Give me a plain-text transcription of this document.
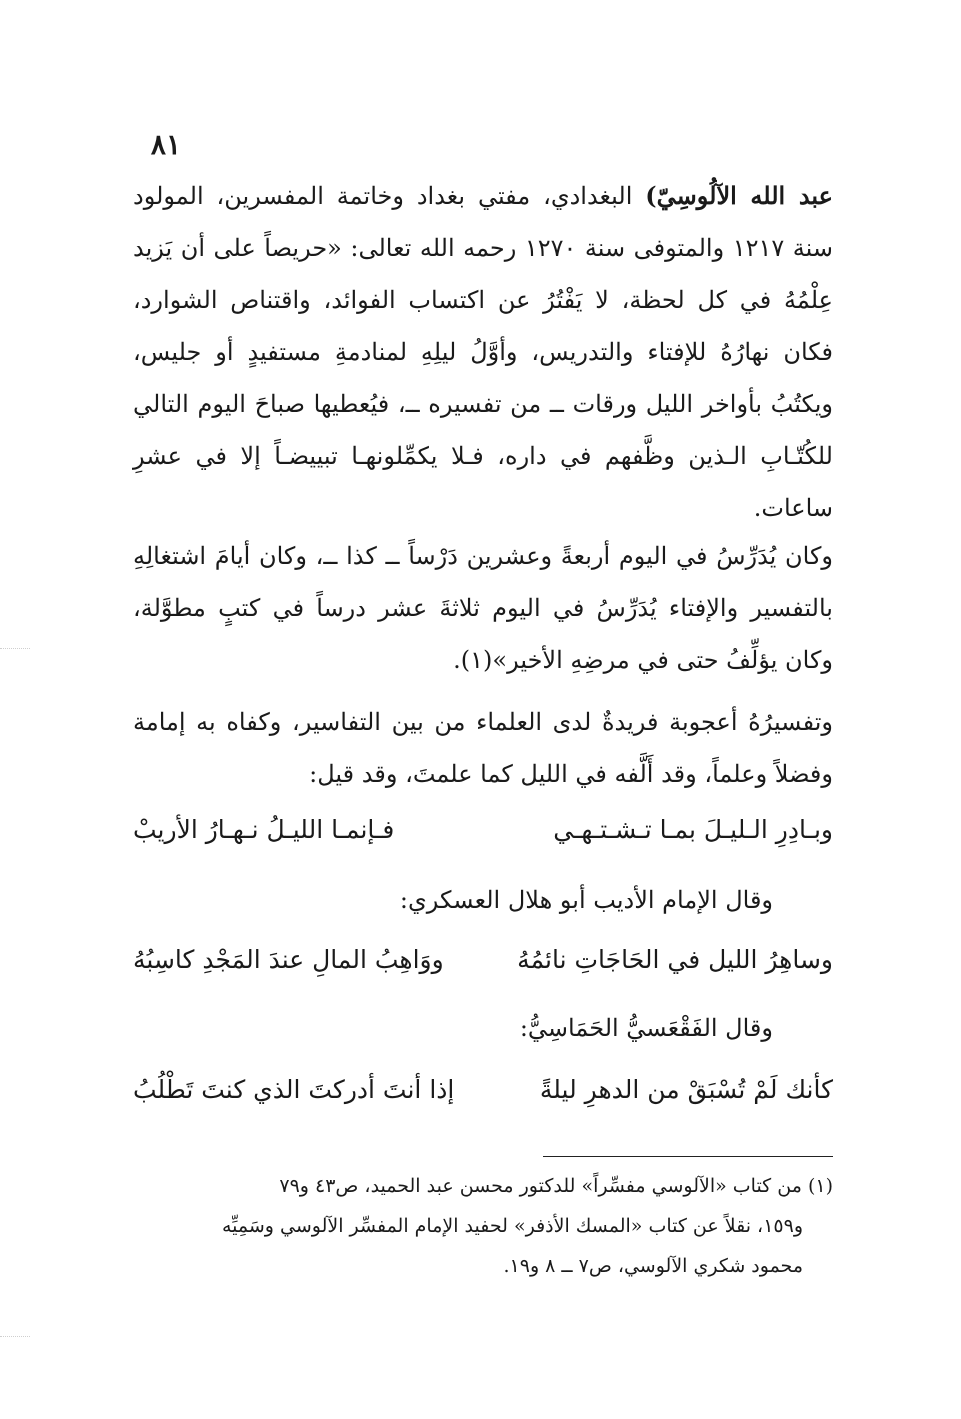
٨١
عبد الله الآلُوسِيّ) البغدادي، مفتي بغداد وخاتمة المفسرين، المولود سنة ١٢١٧ والمتوفى سنة ١٢٧٠ رحمه الله تعالى: «حريصاً على أن يَزيد عِلْمُهُ في كل لحظة، لا يَفْتُرُ عن اكتساب الفوائد، واقتناص الشوارد، فكان نهارُهُ للإفتاء والتدريس، وأوَّلُ ليلِهِ لمنادمةِ مستفيدٍ أو جليس، ويكتُبُ بأواخر الليل ورقات ــ من تفسيره ــ، فيُعطيها صباحَ اليوم التالي للكُتّـابِ الـذين وظَّفهم في داره، فـلا يكمِّلونهـا تبييضـاً إلا في عشرِ ساعات.
وكان يُدَرِّسُ في اليوم أربعةً وعشرين دَرْساً ــ كذا ــ، وكان أيامَ اشتغالِهِ بالتفسير والإفتاء يُدَرِّسُ في اليوم ثلاثةَ عشر درساً في كتبٍ مطوَّلة، وكان يؤلِّفُ حتى في مرضِهِ الأخير»(١).
وتفسيرُهُ أعجوبة فريدةٌ لدى العلماء من بين التفاسير، وكفاه به إمامة وفضلاً وعلماً، وقد أَلَّفه في الليل كما علمتَ، وقد قيل:
وبـادِرِ الـليـلَ بمـا تـشـتـهـي
فـإنمـا الليـلُ نـهـارُ الأريبْ
وقال الإمام الأديب أبو هلال العسكري:
وساهِرُ الليل في الحَاجَاتِ نائمُهُ
ووَاهِبُ المالِ عندَ المَجْدِ كاسِبُهُ
وقال الفَقْعَسيُّ الحَمَاسِيُّ:
كأنك لَمْ تُسْبَقْ من الدهرِ ليلةً
إذا أنتَ أدركتَ الذي كنتَ تَطْلُبُ
(١) من كتاب «الآلوسي مفسِّراً» للدكتور محسن عبد الحميد، ص٤٣ و٧٩
و١٥٩، نقلاً عن كتاب «المسك الأذفر» لحفيد الإمام المفسِّر الآلوسي وسَمِيِّه
محمود شكري الآلوسي، ص٧ ــ ٨ و١٩.
